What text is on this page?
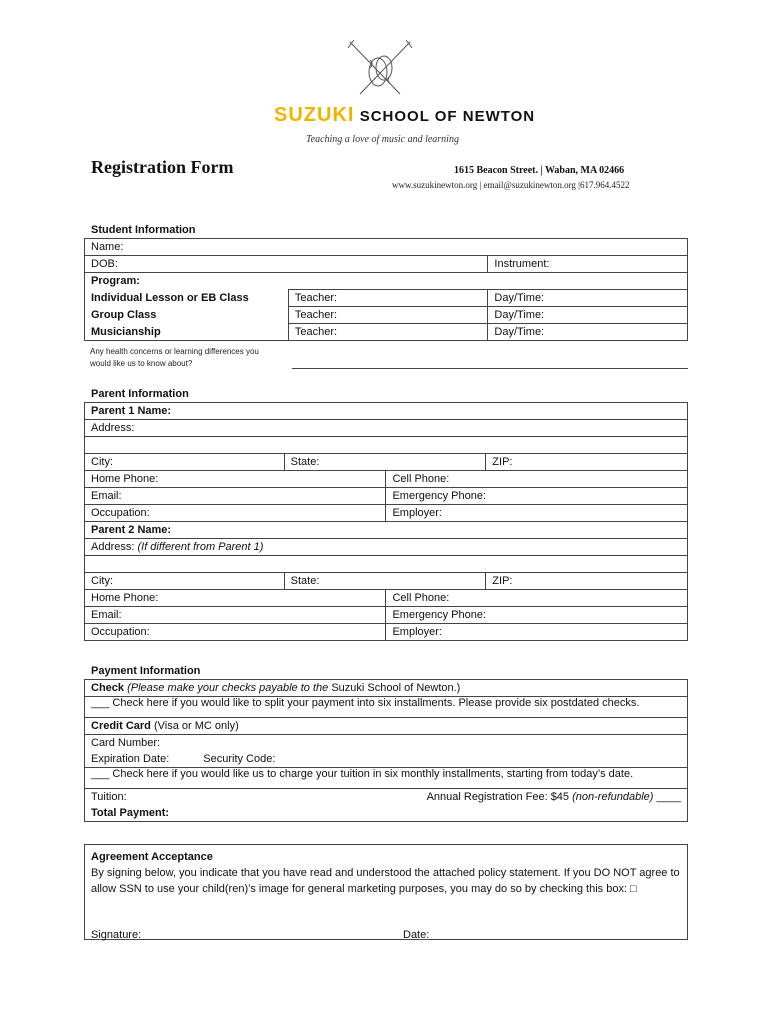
SUZUKI SCHOOL OF NEWTON
Teaching a love of music and learning
Registration Form	1615 Beacon Street. | Waban, MA 02466
www.suzukinewton.org | email@suzukinewton.org |617.964.4522
Student Information
Name:		
DOB:		Instrument:
Program:		
Individual Lesson or EB Class	Teacher:	Day/Time:
Group Class	Teacher:	Day/Time:
Musicianship	Teacher:	Day/Time:
Any health concerns or learning differences you
would like us to know about?
Parent Information
Parent 1 Name:			
Address:			

City:	State:		ZIP:
Home Phone:		Cell Phone:	
Email:		Emergency Phone:	
Occupation:		Employer:	
Parent 2 Name:			
Address: (If different from Parent 1)			

City:	State:		ZIP:
Home Phone:		Cell Phone:	
Email:		Emergency Phone:	
Occupation:		Employer:	
Payment Information
Check (Please make your checks payable to the Suzuki School of Newton.)
___ Check here if you would like to split your payment into six installments. Please provide six postdated checks.
Credit Card (Visa or MC only)
Card Number:
Expiration Date:	Security Code:
___ Check here if you would like us to charge your tuition in six monthly installments, starting from today’s date.
Tuition:	Annual Registration Fee: $45 (non-refundable) ____

Total Payment:
Agreement Acceptance
By signing below, you indicate that you have read and understood the attached policy statement. If you DO NOT agree to allow SSN to use your child(ren)’s image for general marketing purposes, you may do so by checking this box: □
Signature:	Date:
